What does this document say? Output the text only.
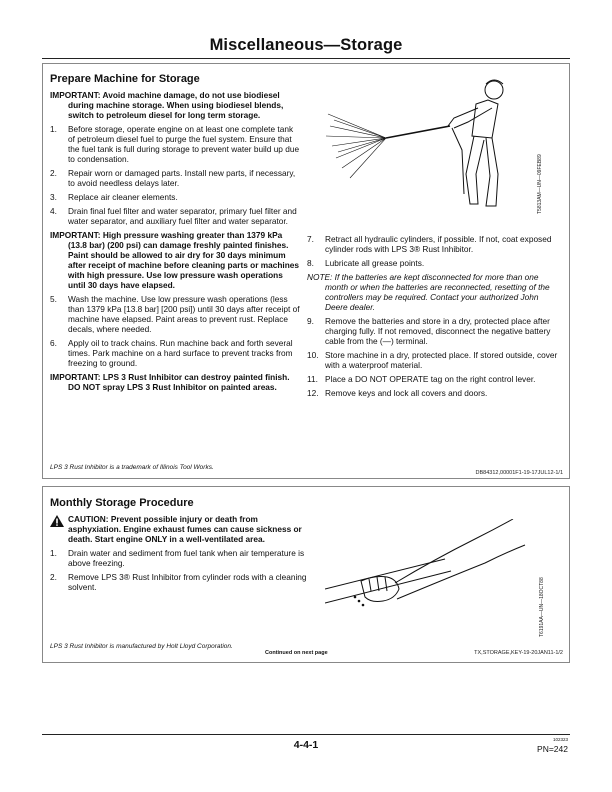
Miscellaneous—Storage
Prepare Machine for Storage

IMPORTANT: Avoid machine damage, do not use biodiesel during machine storage. When using biodiesel blends, switch to petroleum diesel for long term storage.

1. Before storage, operate engine on at least one complete tank of petroleum diesel fuel to purge the fuel system. Ensure that the fuel tank is full during storage to prevent water build up due to condensation.

2. Repair worn or damaged parts. Install new parts, if necessary, to avoid needless delays later.

3. Replace air cleaner elements.

4. Drain final fuel filter and water separator, primary fuel filter and water separator, and auxiliary fuel filter and water separator.

IMPORTANT: High pressure washing greater than 1379 kPa (13.8 bar) (200 psi) can damage freshly painted finishes. Paint should be allowed to air dry for 30 days minimum after receipt of machine before cleaning parts or machines with high pressure. Use low pressure wash operations until 30 days have elapsed.

5. Wash the machine. Use low pressure wash operations (less than 1379 kPa [13.8 bar] [200 psi]) until 30 days after receipt of machine have elapsed. Paint areas to prevent rust. Replace decals, where needed.

6. Apply oil to track chains. Run machine back and forth several times. Park machine on a hard surface to prevent tracks from freezing to ground.

IMPORTANT: LPS 3 Rust Inhibitor can destroy painted finish. DO NOT spray LPS 3 Rust Inhibitor on painted areas.

T5813AM—UN—09FEB89

7. Retract all hydraulic cylinders, if possible. If not, coat exposed cylinder rods with LPS 3® Rust Inhibitor.

8. Lubricate all grease points.

NOTE: If the batteries are kept disconnected for more than one month or when the batteries are reconnected, resetting of the controllers may be required. Contact your authorized John Deere dealer.

9. Remove the batteries and store in a dry, protected place after charging fully. If not removed, disconnect the negative battery cable from the (—) terminal.

10. Store machine in a dry, protected place. If stored outside, cover with a waterproof material.

11. Place a DO NOT OPERATE tag on the right control lever.

12. Remove keys and lock all covers and doors.

LPS 3 Rust Inhibitor is a trademark of Illinois Tool Works.
DB84312,00001F1-19-17JUL12-1/1
Monthly Storage Procedure

CAUTION: Prevent possible injury or death from asphyxiation. Engine exhaust fumes can cause sickness or death. Start engine ONLY in a well-ventilated area.

1. Drain water and sediment from fuel tank when air temperature is above freezing.

2. Remove LPS 3® Rust Inhibitor from cylinder rods with a cleaning solvent.	T6191AA—UN—18OCT88
LPS 3 Rust Inhibitor is manufactured by Holt Lloyd Corporation.
Continued on next page	TX,STORAGE,KEY-19-20JAN11-1/2
4-4-1	102323
PN=242
